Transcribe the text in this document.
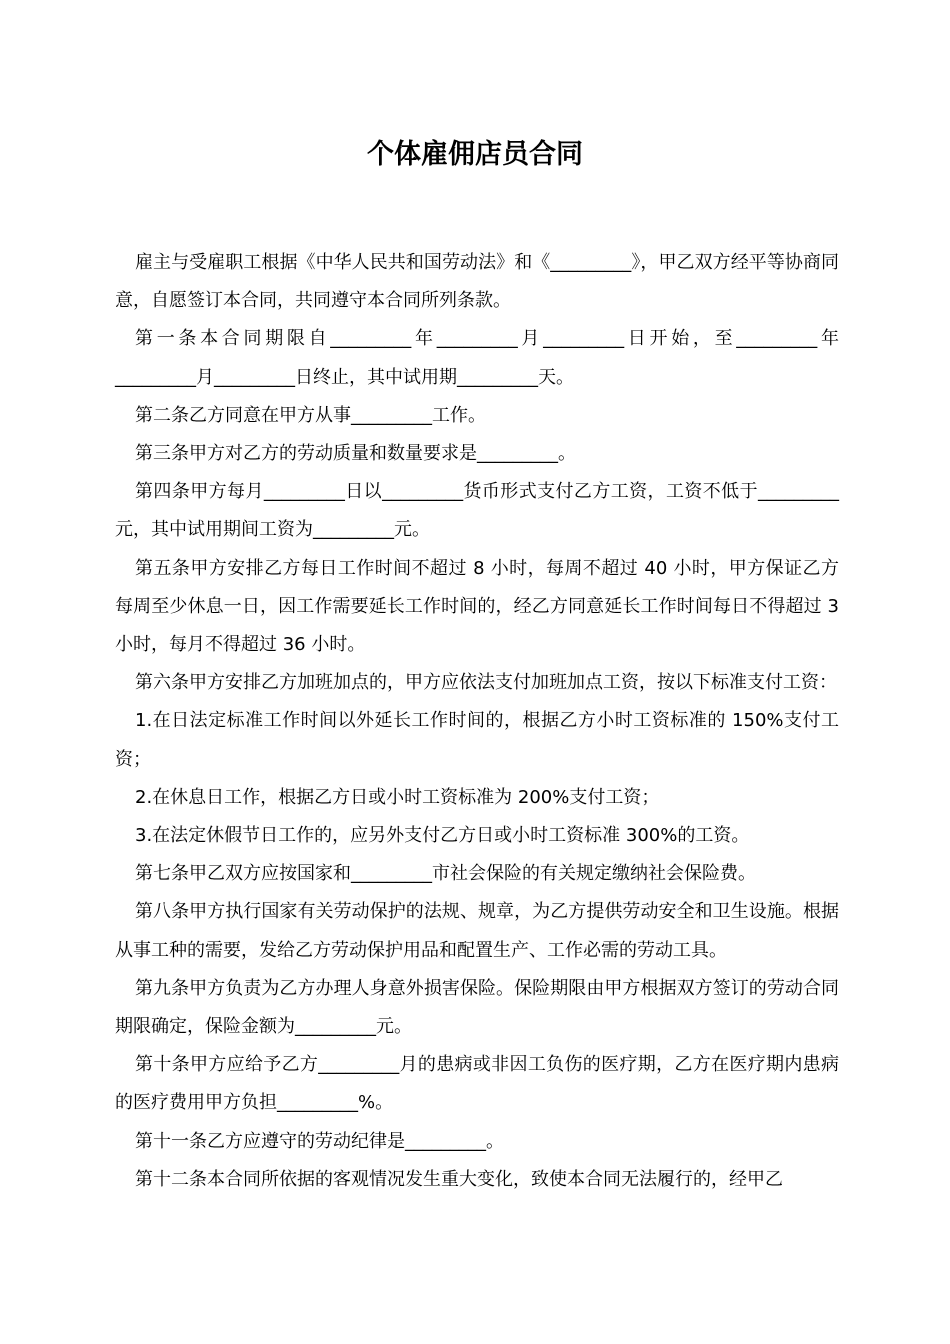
个体雇佣店员合同

雇主与受雇职工根据《中华人民共和国劳动法》和《_________》，甲乙双方经平等协商同意，自愿签订本合同，共同遵守本合同所列条款。

第一条本合同期限自_________年_________月_________日开始，至_________年_________月_________日终止，其中试用期_________天。

第二条乙方同意在甲方从事_________工作。

第三条甲方对乙方的劳动质量和数量要求是_________。

第四条甲方每月_________日以_________货币形式支付乙方工资，工资不低于_________元，其中试用期间工资为_________元。

第五条甲方安排乙方每日工作时间不超过 8 小时，每周不超过 40 小时，甲方保证乙方每周至少休息一日，因工作需要延长工作时间的，经乙方同意延长工作时间每日不得超过 3 小时，每月不得超过 36 小时。

第六条甲方安排乙方加班加点的，甲方应依法支付加班加点工资，按以下标准支付工资：

1.在日法定标准工作时间以外延长工作时间的，根据乙方小时工资标准的 150%支付工资；

2.在休息日工作，根据乙方日或小时工资标准为 200%支付工资；

3.在法定休假节日工作的，应另外支付乙方日或小时工资标准 300%的工资。

第七条甲乙双方应按国家和_________市社会保险的有关规定缴纳社会保险费。

第八条甲方执行国家有关劳动保护的法规、规章，为乙方提供劳动安全和卫生设施。根据从事工种的需要，发给乙方劳动保护用品和配置生产、工作必需的劳动工具。

第九条甲方负责为乙方办理人身意外损害保险。保险期限由甲方根据双方签订的劳动合同期限确定，保险金额为_________元。

第十条甲方应给予乙方_________月的患病或非因工负伤的医疗期，乙方在医疗期内患病的医疗费用甲方负担_________%。

第十一条乙方应遵守的劳动纪律是_________。

第十二条本合同所依据的客观情况发生重大变化，致使本合同无法履行的，经甲乙
